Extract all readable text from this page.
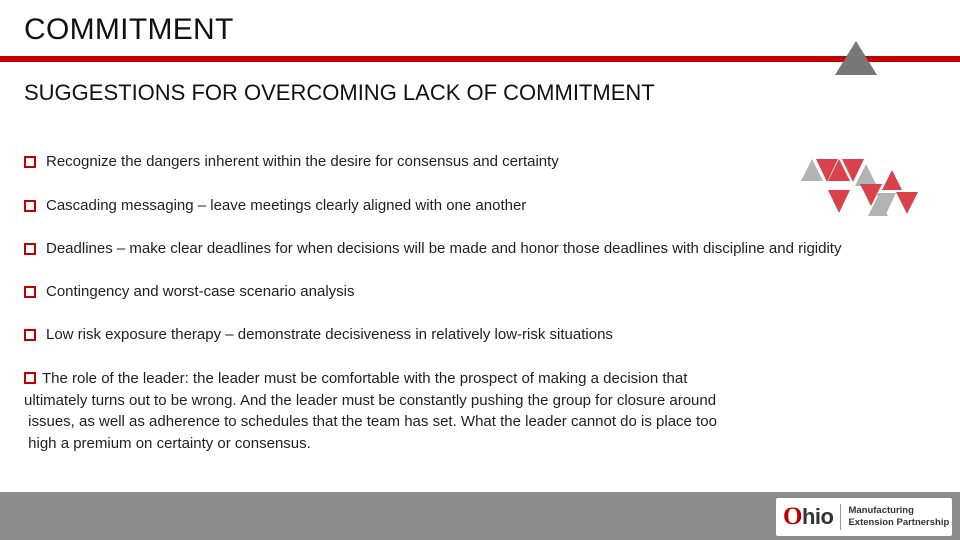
COMMITMENT
SUGGESTIONS FOR OVERCOMING LACK OF COMMITMENT
Recognize the dangers inherent within the desire for consensus and certainty
Cascading messaging – leave meetings clearly aligned with one another
Deadlines – make clear deadlines for when decisions will be made and honor those deadlines with discipline and rigidity
Contingency and worst-case scenario analysis
Low risk exposure therapy – demonstrate decisiveness in relatively low-risk situations
The role of the leader: the leader must be comfortable with the prospect of making a decision that
ultimately turns out to be wrong. And the leader must be constantly pushing the group for closure around
issues, as well as adherence to schedules that the team has set. What the leader cannot do is place too
high a premium on certainty or consensus.
O hio Manufacturing
Extension Partnership
